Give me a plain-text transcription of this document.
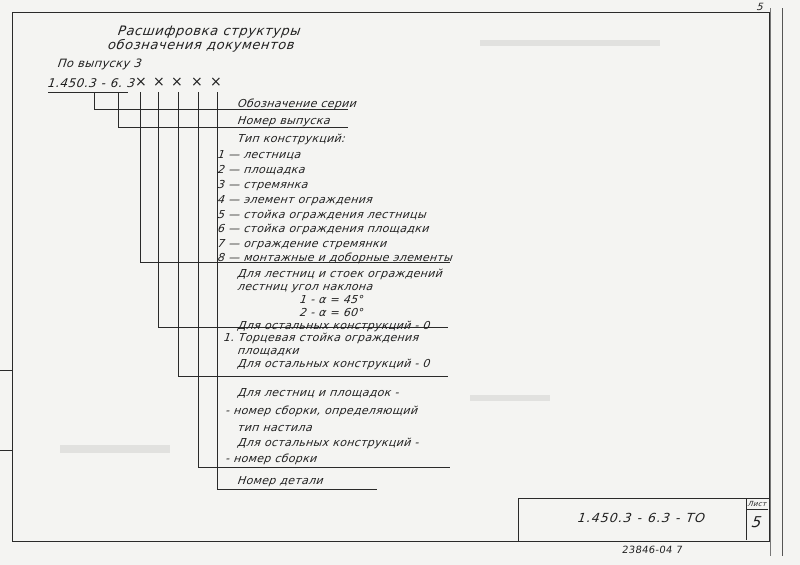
5
Расшифровка структуры
обозначения документов
По выпуску 3
1.450.3 - 6. 3
× × × × ×
Обозначение серии
Номер выпуска
Тип конструкций:
1 — лестница
2 — площадка
3 — стремянка
4 — элемент ограждения
5 — стойка ограждения лестницы
6 — стойка ограждения площадки
7 — ограждение стремянки
8 — монтажные и доборные элементы
Для лестниц и стоек ограждений
лестниц угол наклона
1 - α = 45°
2 - α = 60°
Для остальных конструкций - 0
1. Торцевая стойка ограждения
площадки
Для остальных конструкций - 0
Для лестниц и площадок -
- номер сборки, определяющий
тип настила
Для остальных конструкций -
- номер сборки
Номер детали
1.450.3 - 6.3 - ТО
Лист
5
23846-04 7
